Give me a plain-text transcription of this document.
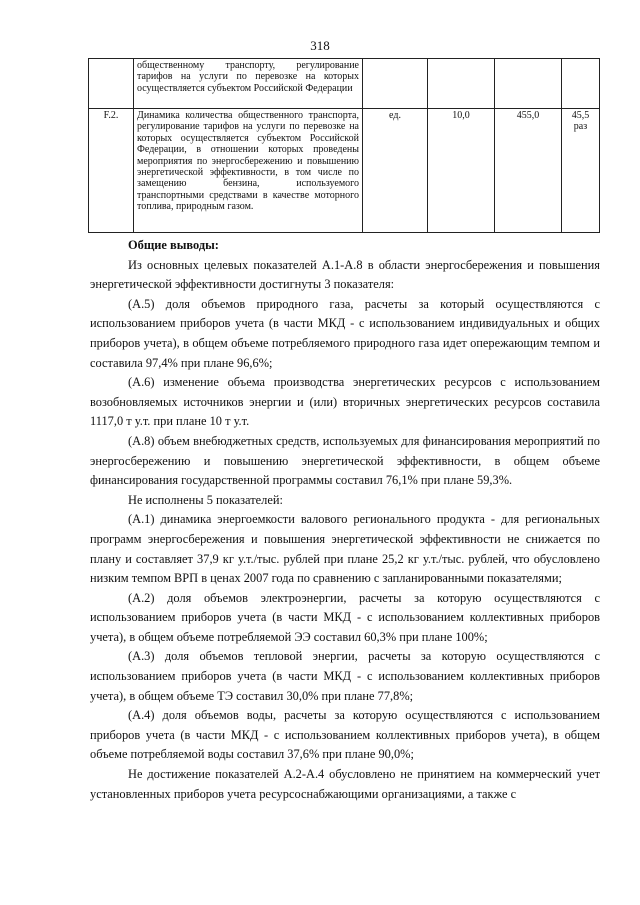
318

	общественному транспорту, регулирование тарифов на услуги по перевозке на которых осуществляется субъектом Российской Федерации				

F.2.	Динамика количества общественного транспорта, регулирование тарифов на услуги по перевозке на которых осуществляется субъектом Российской Федерации, в отношении которых проведены мероприятия по энергосбережению и повышению энергетической эффективности, в том числе по замещению бензина, используемого транспортными средствами в качестве моторного топлива, природным газом.	ед.	10,0	455,0	45,5 раз

Общие выводы:

Из основных целевых показателей А.1-А.8 в области энергосбережения и повышения энергетической эффективности достигнуты 3 показателя:

(А.5) доля объемов природного газа, расчеты за который осуществляются с использованием приборов учета (в части МКД - с использованием индивидуальных и общих приборов учета), в общем объеме потребляемого природного газа идет опережающим темпом и составила 97,4% при плане 96,6%;

(А.6) изменение объема производства энергетических ресурсов с использованием возобновляемых источников энергии и (или) вторичных энергетических ресурсов составила 1117,0 т у.т. при плане 10 т у.т.

(А.8) объем внебюджетных средств, используемых для финансирования мероприятий по энергосбережению и повышению энергетической эффективности, в общем объеме финансирования государственной программы составил 76,1% при плане 59,3%.

Не исполнены 5 показателей:

(А.1) динамика энергоемкости валового регионального продукта - для региональных программ энергосбережения и повышения энергетической эффективности не снижается по плану и составляет 37,9 кг у.т./тыс. рублей при плане 25,2 кг у.т./тыс. рублей, что обусловлено низким темпом ВРП в ценах 2007 года по сравнению с запланированными показателями;

(А.2) доля объемов электроэнергии, расчеты за которую осуществляются с использованием приборов учета (в части МКД - с использованием коллективных приборов учета), в общем объеме потребляемой ЭЭ составил 60,3% при плане 100%;

(А.3) доля объемов тепловой энергии, расчеты за которую осуществляются с использованием приборов учета (в части МКД - с использованием коллективных приборов учета), в общем объеме ТЭ составил 30,0% при плане 77,8%;

(А.4) доля объемов воды, расчеты за которую осуществляются с использованием приборов учета (в части МКД - с использованием коллективных приборов учета), в общем объеме потребляемой воды составил 37,6% при плане 90,0%;

Не достижение показателей А.2-А.4 обусловлено не принятием на коммерческий учет установленных приборов учета ресурсоснабжающими организациями, а также с
